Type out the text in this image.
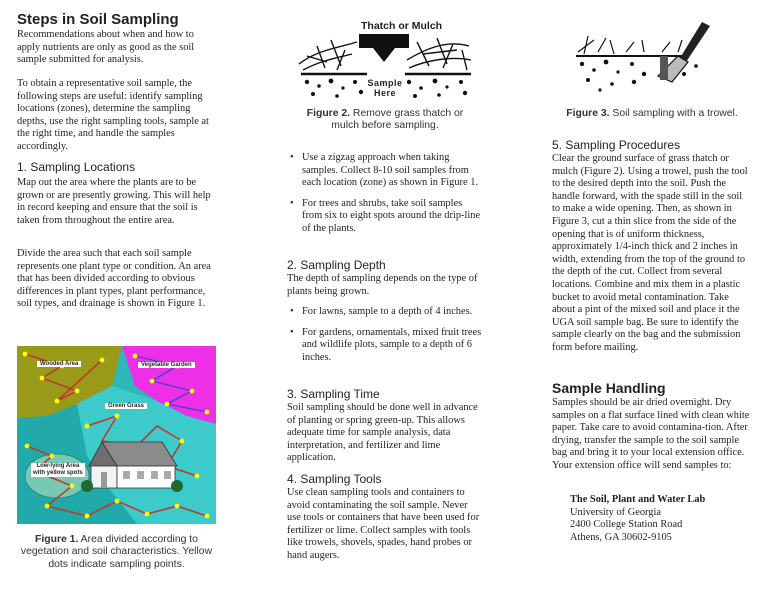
Steps in Soil Sampling

Recommendations about when and how to apply nutrients are only as good as the soil sample submitted for analysis.

To obtain a representative soil sample, the following steps are useful: identify sampling locations (zones), determine the sampling depths, use the right sampling tools, sample at the right time, and handle the samples accordingly.

1. Sampling Locations

Map out the area where the plants are to be grown or are presently growing. This will help in record keeping and ensure that the soil is taken from throughout the entire area.

Divide the area such that each soil sample represents one plant type or condition. An area that has been divided according to obvious differences in plant types, plant performance, soil types, and drainage is shown in Figure 1.

Wooded Area	Vegetable Garden
Green Grass
Low-lying Area
with yellow spots
Figure 1. Area divided according to vegetation and soil characteristics. Yellow dots indicate sampling points.
Thatch or Mulch
Sample
Here
Figure 2. Remove grass thatch or mulch before sampling.
• Use a zigzag approach when taking samples. Collect 8-10 soil samples from each location (zone) as shown in Figure 1.
• For trees and shrubs, take soil samples from six to eight spots around the drip-line of the plants.
2. Sampling Depth

The depth of sampling depends on the type of plants being grown.

• For lawns, sample to a depth of 4 inches.
• For gardens, ornamentals, mixed fruit trees and wildlife plots, sample to a depth of 6 inches.
3. Sampling Time

Soil sampling should be done well in advance of planting or spring green-up. This allows adequate time for sample analysis, data interpretation, and fertilizer and lime application.

4. Sampling Tools

Use clean sampling tools and containers to avoid contaminating the soil sample. Never use tools or containers that have been used for fertilizer or lime. Collect samples with tools like trowels, shovels, spades, hand probes or hand augers.

Figure 3. Soil sampling with a trowel.
5. Sampling Procedures

Clear the ground surface of grass thatch or mulch (Figure 2). Using a trowel, push the tool to the desired depth into the soil. Push the handle forward, with the spade still in the soil to make a wide opening. Then, as shown in Figure 3, cut a thin slice from the side of the opening that is of uniform thickness, approximately 1/4-inch thick and 2 inches in width, extending from the top of the ground to the depth of the cut. Collect from several locations. Combine and mix them in a plastic bucket to avoid metal contamination. Take about a pint of the mixed soil and place it the UGA soil sample bag. Be sure to identify the sample clearly on the bag and the submission form before mailing.

Sample Handling

Samples should be air dried overnight. Dry samples on a flat surface lined with clean white paper. Take care to avoid contamina-tion. After drying, transfer the sample to the soil sample bag and bring it to your local extension office. Your extension office will send samples to:

The Soil, Plant and Water Lab
University of Georgia
2400 College Station Road
Athens, GA 30602-9105
